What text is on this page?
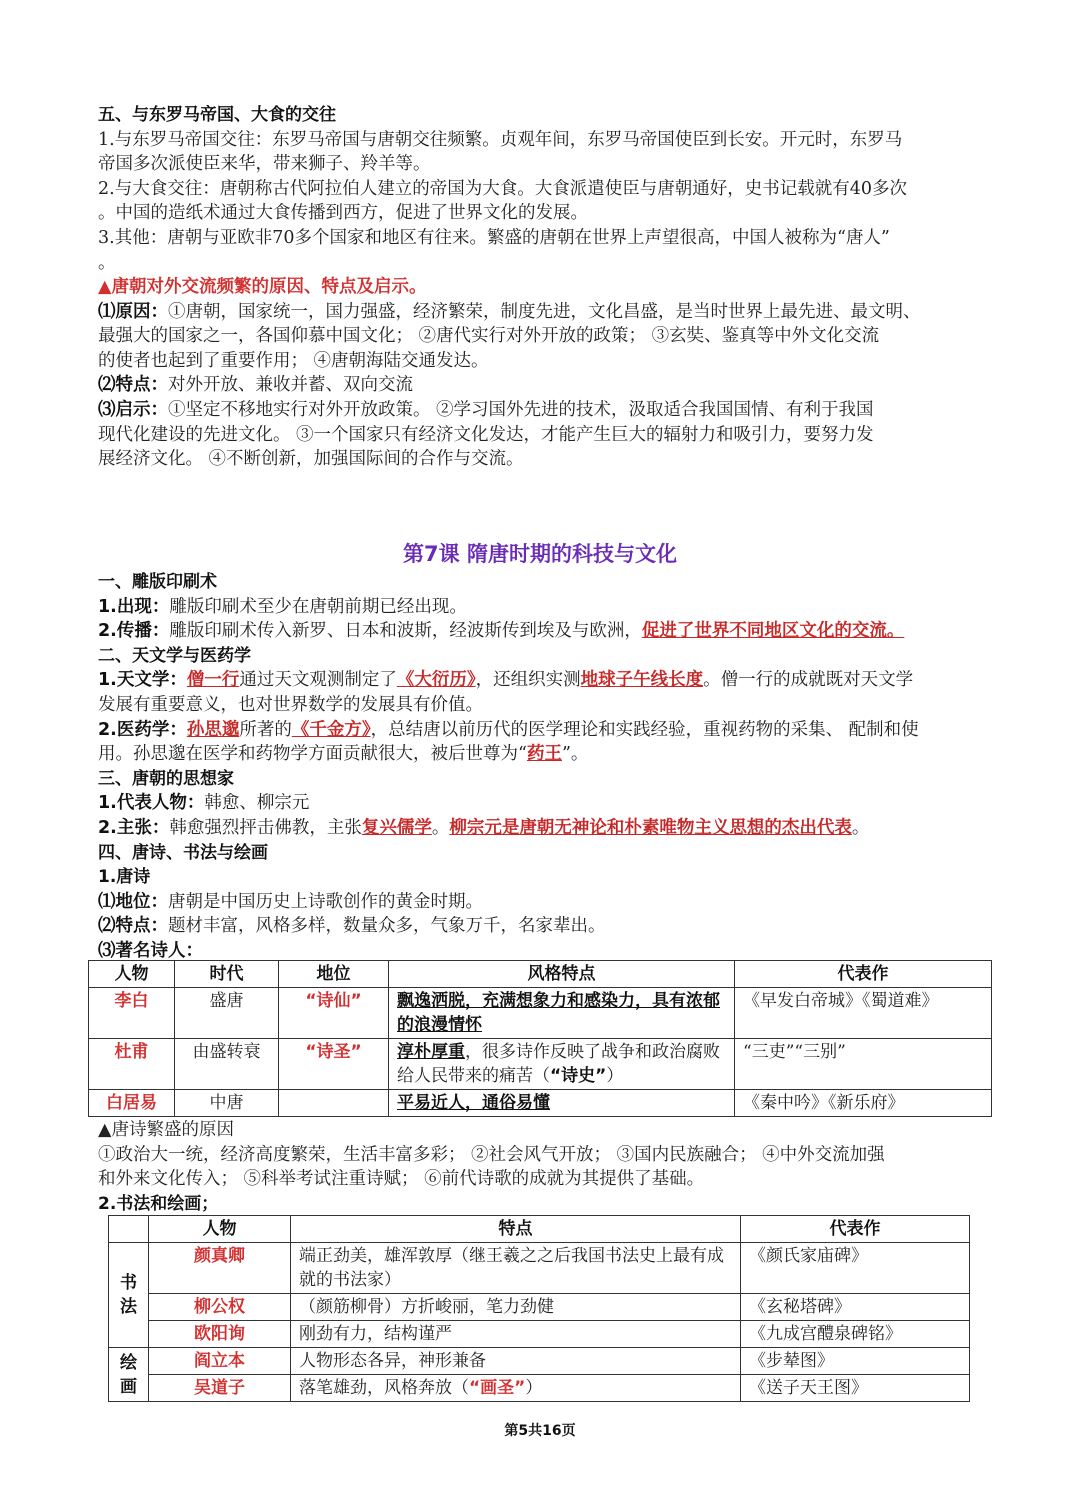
五、与东罗马帝国、大食的交往
1.与东罗马帝国交往：东罗马帝国与唐朝交往频繁。贞观年间，东罗马帝国使臣到长安。开元时，东罗马
帝国多次派使臣来华，带来狮子、羚羊等。
2.与大食交往：唐朝称古代阿拉伯人建立的帝国为大食。大食派遣使臣与唐朝通好，史书记载就有40多次
。中国的造纸术通过大食传播到西方，促进了世界文化的发展。
3.其他：唐朝与亚欧非70多个国家和地区有往来。繁盛的唐朝在世界上声望很高，中国人被称为“唐人”
。
▲唐朝对外交流频繁的原因、特点及启示。
⑴原因：①唐朝，国家统一，国力强盛，经济繁荣，制度先进，文化昌盛，是当时世界上最先进、最文明、
最强大的国家之一，各国仰慕中国文化； ②唐代实行对外开放的政策； ③玄奘、鉴真等中外文化交流
的使者也起到了重要作用； ④唐朝海陆交通发达。
⑵特点：对外开放、兼收并蓄、双向交流
⑶启示：①坚定不移地实行对外开放政策。 ②学习国外先进的技术，汲取适合我国国情、有利于我国
现代化建设的先进文化。 ③一个国家只有经济文化发达，才能产生巨大的辐射力和吸引力，要努力发
展经济文化。 ④不断创新，加强国际间的合作与交流。
第7课 隋唐时期的科技与文化
一、雕版印刷术
1.出现：雕版印刷术至少在唐朝前期已经出现。
2.传播：雕版印刷术传入新罗、日本和波斯，经波斯传到埃及与欧洲，促进了世界不同地区文化的交流。
二、天文学与医药学
1.天文学：僧一行通过天文观测制定了《大衍历》，还组织实测地球子午线长度。僧一行的成就既对天文学
发展有重要意义，也对世界数学的发展具有价值。
2.医药学：孙思邈所著的《千金方》，总结唐以前历代的医学理论和实践经验，重视药物的采集、 配制和使
用。孙思邈在医学和药物学方面贡献很大，被后世尊为“药王”。
三、唐朝的思想家
1.代表人物：韩愈、柳宗元
2.主张：韩愈强烈抨击佛教，主张复兴儒学。柳宗元是唐朝无神论和朴素唯物主义思想的杰出代表。
四、唐诗、书法与绘画
1.唐诗
⑴地位：唐朝是中国历史上诗歌创作的黄金时期。
⑵特点：题材丰富，风格多样，数量众多，气象万千，名家辈出。
⑶著名诗人：
人物	时代	地位	风格特点	代表作
李白	盛唐	“诗仙”	飘逸洒脱，充满想象力和感染力，具有浓郁的浪漫情怀	《早发白帝城》《蜀道难》
杜甫	由盛转衰	“诗圣”	淳朴厚重，很多诗作反映了战争和政治腐败给人民带来的痛苦（“诗史”）	“三吏”“三别”
白居易	中唐		平易近人，通俗易懂	《秦中吟》《新乐府》
▲唐诗繁盛的原因
①政治大一统，经济高度繁荣，生活丰富多彩； ②社会风气开放； ③国内民族融合； ④中外交流加强
和外来文化传入； ⑤科举考试注重诗赋； ⑥前代诗歌的成就为其提供了基础。
2.书法和绘画；
	人物	特点	代表作
书法	颜真卿	端正劲美，雄浑敦厚（继王羲之之后我国书法史上最有成就的书法家）	《颜氏家庙碑》
	柳公权	（颜筋柳骨）方折峻丽，笔力劲健	《玄秘塔碑》
	欧阳询	刚劲有力，结构谨严	《九成宫醴泉碑铭》
绘画	阎立本	人物形态各异，神形兼备	《步辇图》
	吴道子	落笔雄劲，风格奔放（“画圣”）	《送子天王图》
第5共16页
